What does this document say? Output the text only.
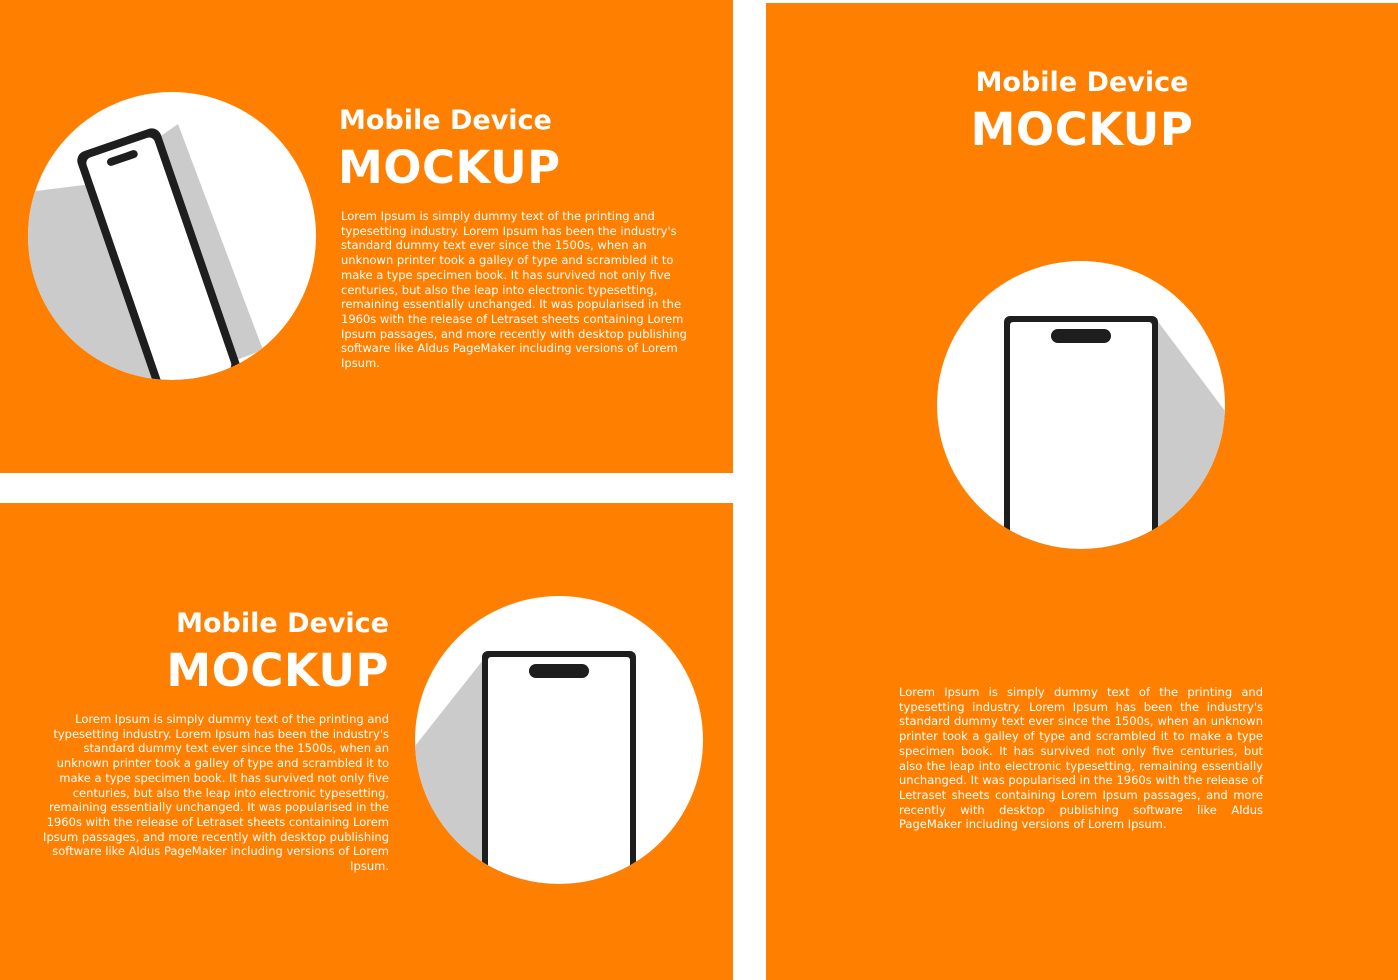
Mobile Device
MOCKUP
Lorem Ipsum is simply dummy text of the printing and typesetting industry. Lorem Ipsum has been the industry's standard dummy text ever since the 1500s, when an unknown printer took a galley of type and scrambled it to make a type specimen book. It has survived not only five centuries, but also the leap into electronic typesetting, remaining essentially unchanged. It was popularised in the 1960s with the release of Letraset sheets containing Lorem Ipsum passages, and more recently with desktop publishing software like Aldus PageMaker including versions of Lorem Ipsum.
Mobile Device
MOCKUP
Lorem Ipsum is simply dummy text of the printing and typesetting industry. Lorem Ipsum has been the industry's standard dummy text ever since the 1500s, when an unknown printer took a galley of type and scrambled it to make a type specimen book. It has survived not only five centuries, but also the leap into electronic typesetting, remaining essentially unchanged. It was popularised in the 1960s with the release of Letraset sheets containing Lorem Ipsum passages, and more recently with desktop publishing software like Aldus PageMaker including versions of Lorem Ipsum.
Mobile Device
MOCKUP
Lorem Ipsum is simply dummy text of the printing and typesetting industry. Lorem Ipsum has been the industry's standard dummy text ever since the 1500s, when an unknown printer took a galley of type and scrambled it to make a type specimen book. It has survived not only five centuries, but also the leap into electronic typesetting, remaining essentially unchanged. It was popularised in the 1960s with the release of Letraset sheets containing Lorem Ipsum passages, and more recently with desktop publishing software like Aldus PageMaker including versions of Lorem Ipsum.
